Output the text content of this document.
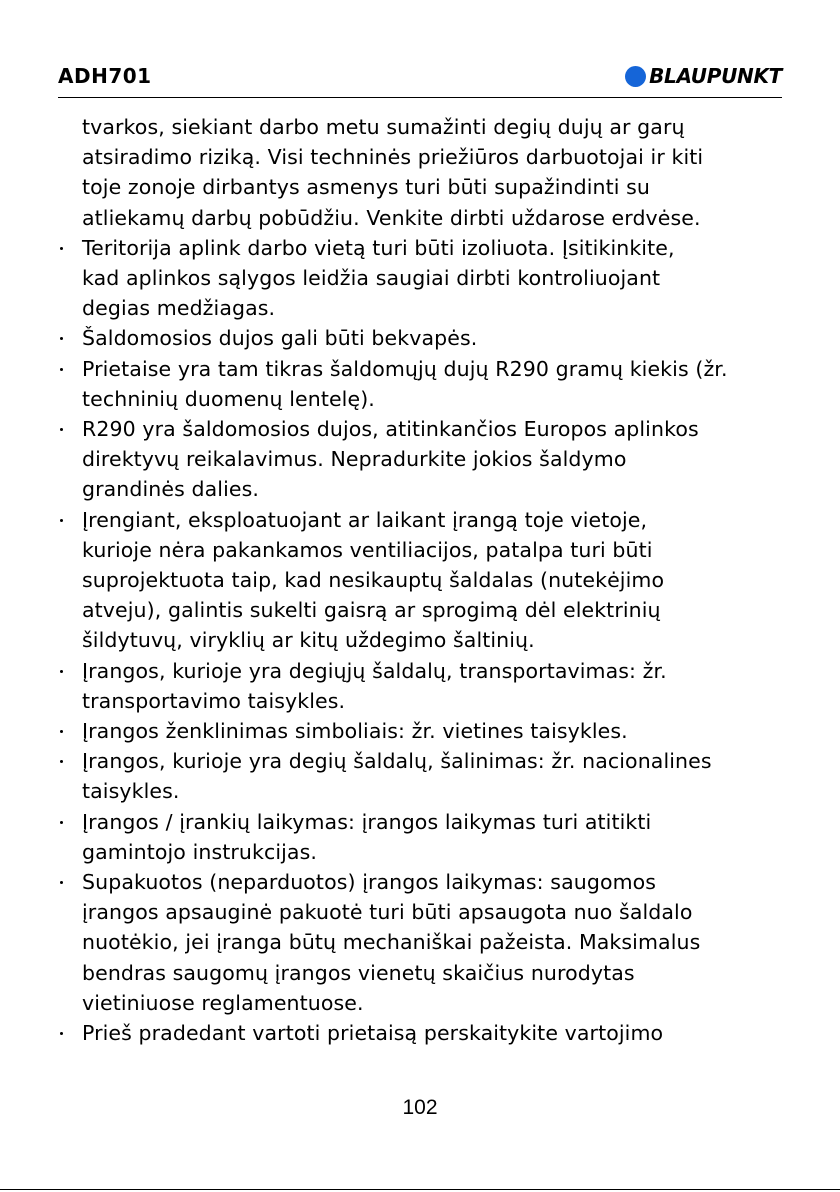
ADH701	BLAUPUNKT
tvarkos, siekiant darbo metu sumažinti degių dujų ar garų
atsiradimo riziką. Visi techninės priežiūros darbuotojai ir kiti
toje zonoje dirbantys asmenys turi būti supažindinti su
atliekamų darbų pobūdžiu. Venkite dirbti uždarose erdvėse.
Teritorija aplink darbo vietą turi būti izoliuota. Įsitikinkite,
kad aplinkos sąlygos leidžia saugiai dirbti kontroliuojant
degias medžiagas.
Šaldomosios dujos gali būti bekvapės.
Prietaise yra tam tikras šaldomųjų dujų R290 gramų kiekis (žr.
techninių duomenų lentelę).
R290 yra šaldomosios dujos, atitinkančios Europos aplinkos
direktyvų reikalavimus. Nepradurkite jokios šaldymo
grandinės dalies.
Įrengiant, eksploatuojant ar laikant įrangą toje vietoje,
kurioje nėra pakankamos ventiliacijos, patalpa turi būti
suprojektuota taip, kad nesikauptų šaldalas (nutekėjimo
atveju), galintis sukelti gaisrą ar sprogimą dėl elektrinių
šildytuvų, viryklių ar kitų uždegimo šaltinių.
Įrangos, kurioje yra degiųjų šaldalų, transportavimas: žr.
transportavimo taisykles.
Įrangos ženklinimas simboliais: žr. vietines taisykles.
Įrangos, kurioje yra degių šaldalų, šalinimas: žr. nacionalines
taisykles.
Įrangos / įrankių laikymas: įrangos laikymas turi atitikti
gamintojo instrukcijas.
Supakuotos (neparduotos) įrangos laikymas: saugomos
įrangos apsauginė pakuotė turi būti apsaugota nuo šaldalo
nuotėkio, jei įranga būtų mechaniškai pažeista. Maksimalus
bendras saugomų įrangos vienetų skaičius nurodytas
vietiniuose reglamentuose.
Prieš pradedant vartoti prietaisą perskaitykite vartojimo
102
